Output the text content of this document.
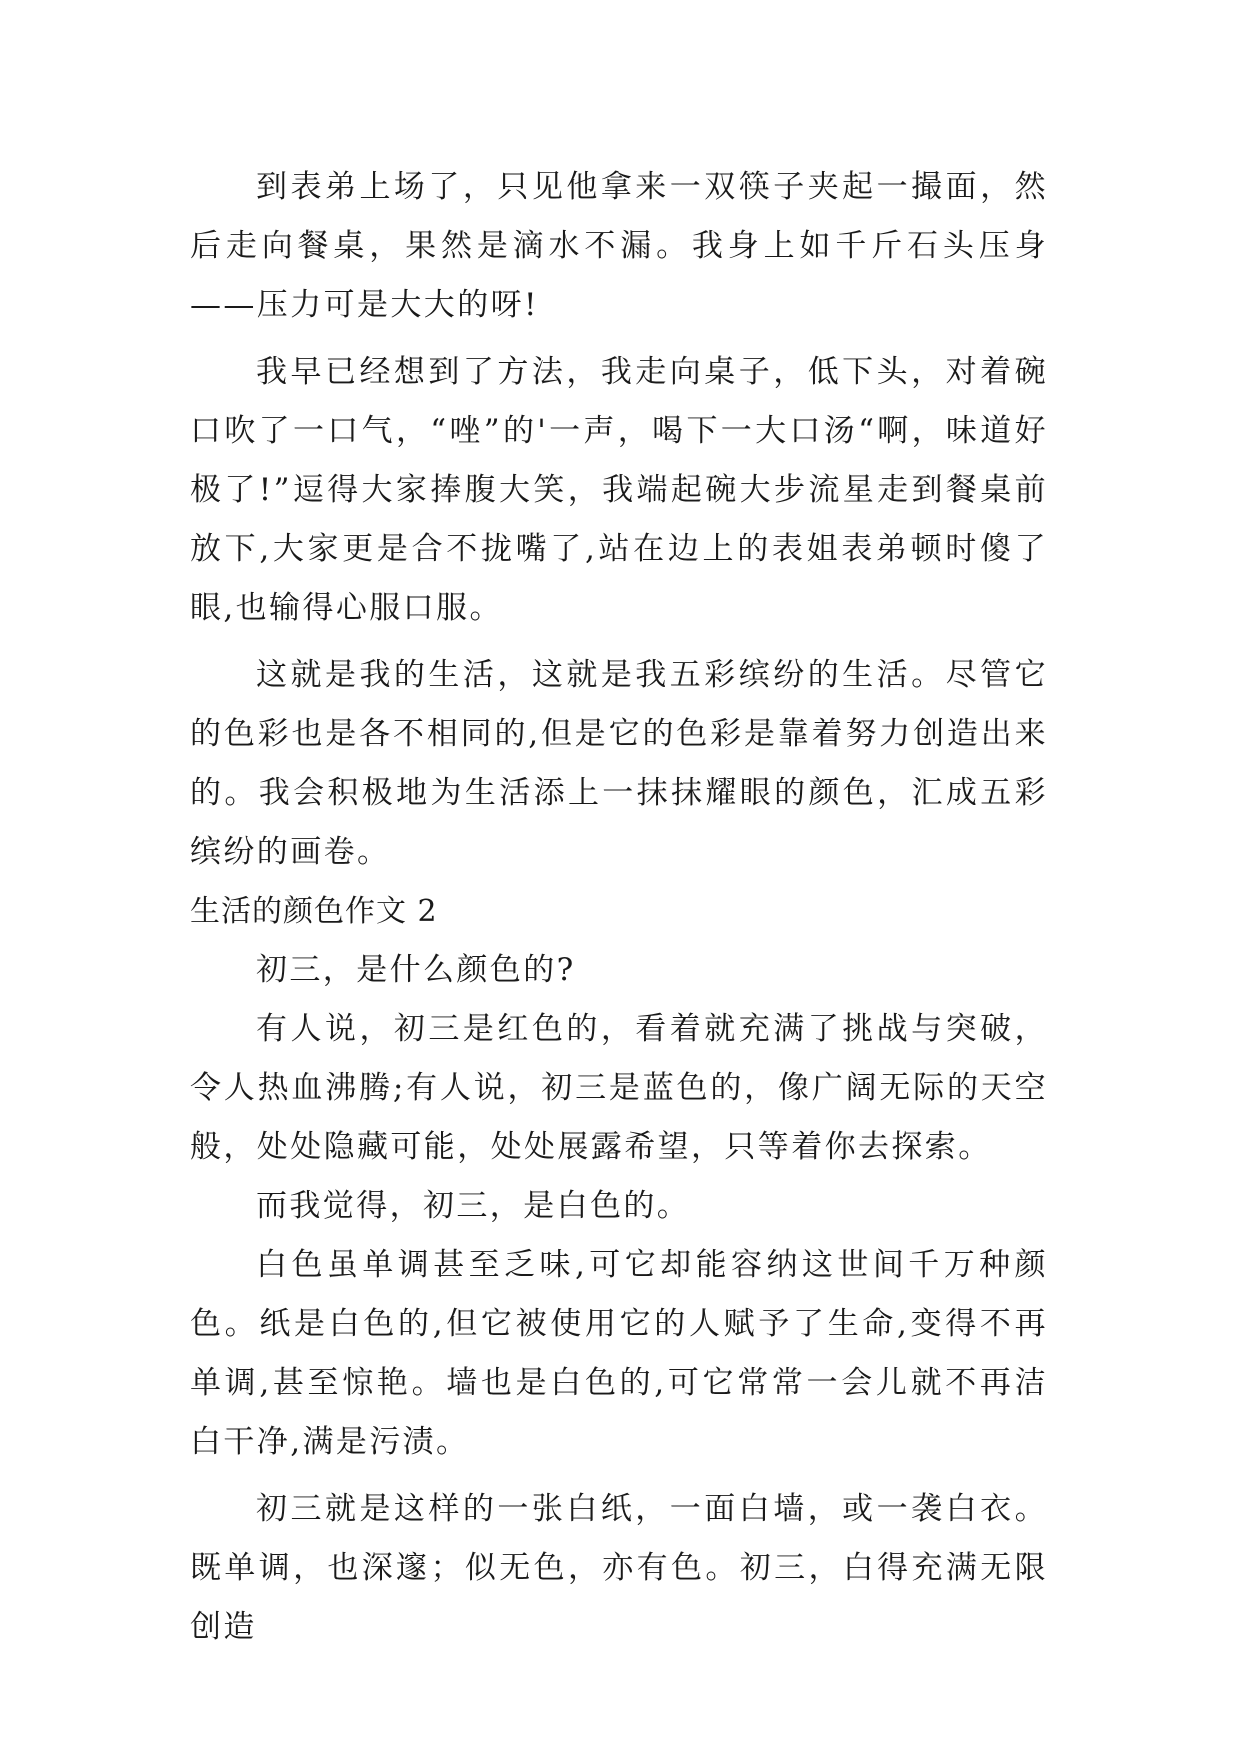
到表弟上场了，只见他拿来一双筷子夹起一撮面，然后走向餐桌，果然是滴水不漏。我身上如千斤石头压身——压力可是大大的呀!

我早已经想到了方法，我走向桌子，低下头，对着碗口吹了一口气，“唑”的'一声，喝下一大口汤“啊，味道好极了!”逗得大家捧腹大笑，我端起碗大步流星走到餐桌前放下,大家更是合不拢嘴了,站在边上的表姐表弟顿时傻了眼,也输得心服口服。

这就是我的生活，这就是我五彩缤纷的生活。尽管它的色彩也是各不相同的,但是它的色彩是靠着努力创造出来的。我会积极地为生活添上一抹抹耀眼的颜色，汇成五彩缤纷的画卷。

生活的颜色作文 2

初三，是什么颜色的?

有人说，初三是红色的，看着就充满了挑战与突破，令人热血沸腾;有人说，初三是蓝色的，像广阔无际的天空般，处处隐藏可能，处处展露希望，只等着你去探索。

而我觉得，初三，是白色的。

白色虽单调甚至乏味,可它却能容纳这世间千万种颜色。纸是白色的,但它被使用它的人赋予了生命,变得不再单调,甚至惊艳。墙也是白色的,可它常常一会儿就不再洁白干净,满是污渍。

初三就是这样的一张白纸，一面白墙，或一袭白衣。既单调，也深邃；似无色，亦有色。初三，白得充满无限创造
